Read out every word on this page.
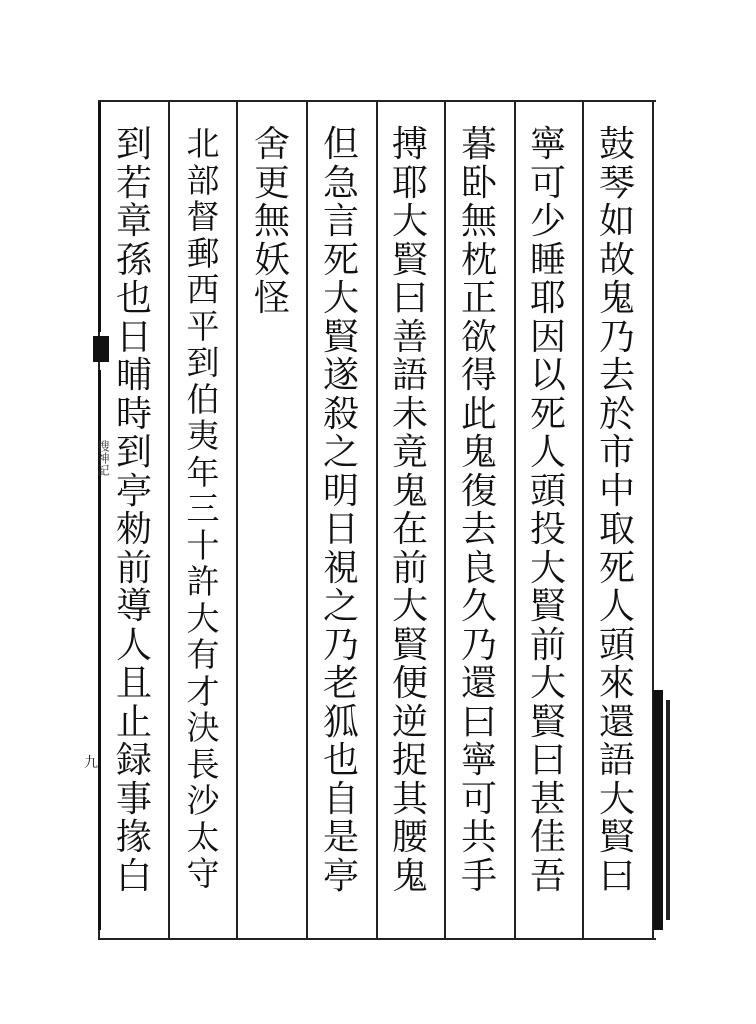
搜神記
九
鼓
琴
如
故
鬼
乃
去
於
市
中
取
死
人
頭
來
還
語
大
賢
曰
寧
可
少
睡
耶
因
以
死
人
頭
投
大
賢
前
大
賢
曰
甚
佳
吾
暮
卧
無
枕
正
欲
得
此
鬼
復
去
良
久
乃
還
曰
寧
可
共
手
搏
耶
大
賢
曰
善
語
未
竟
鬼
在
前
大
賢
便
逆
捉
其
腰
鬼
但
急
言
死
大
賢
遂
殺
之
明
日
視
之
乃
老
狐
也
自
是
亭
舍
更
無
妖
怪
北
部
督
郵
西
平
到
伯
夷
年
三
十
許
大
有
才
決
長
沙
太
守
到
若
章
孫
也
日
晡
時
到
亭
勑
前
導
人
且
止
録
事
掾
白
